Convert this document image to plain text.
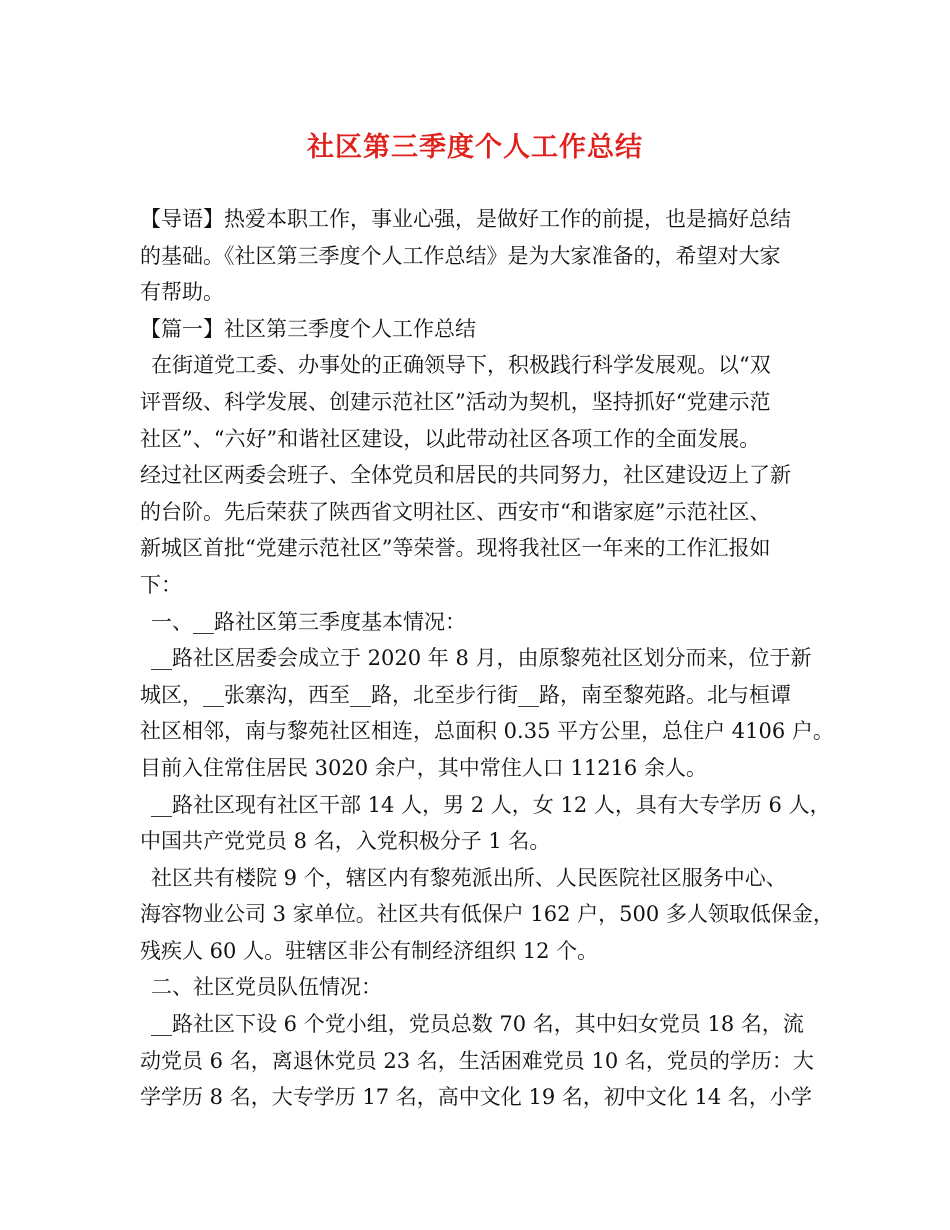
社区第三季度个人工作总结
【导语】热爱本职工作，事业心强，是做好工作的前提，也是搞好总结
的基础。《社区第三季度个人工作总结》是为大家准备的，希望对大家
有帮助。
【篇一】社区第三季度个人工作总结
在街道党工委、办事处的正确领导下，积极践行科学发展观。以“双
评晋级、科学发展、创建示范社区”活动为契机，坚持抓好“党建示范
社区”、“六好”和谐社区建设，以此带动社区各项工作的全面发展。
经过社区两委会班子、全体党员和居民的共同努力，社区建设迈上了新
的台阶。先后荣获了陕西省文明社区、西安市“和谐家庭”示范社区、
新城区首批“党建示范社区”等荣誉。现将我社区一年来的工作汇报如
下：
一、__路社区第三季度基本情况：
__路社区居委会成立于 2020 年 8 月，由原黎苑社区划分而来，位于新
城区，__张寨沟，西至__路，北至步行街__路，南至黎苑路。北与桓谭
社区相邻，南与黎苑社区相连，总面积 0.35 平方公里，总住户 4106 户。
目前入住常住居民 3020 余户，其中常住人口 11216 余人。
__路社区现有社区干部 14 人，男 2 人，女 12 人，具有大专学历 6 人，
中国共产党党员 8 名，入党积极分子 1 名。
社区共有楼院 9 个，辖区内有黎苑派出所、人民医院社区服务中心、
海容物业公司 3 家单位。社区共有低保户 162 户，500 多人领取低保金，
残疾人 60 人。驻辖区非公有制经济组织 12 个。
二、社区党员队伍情况：
__路社区下设 6 个党小组，党员总数 70 名，其中妇女党员 18 名，流
动党员 6 名，离退休党员 23 名，生活困难党员 10 名，党员的学历：大
学学历 8 名，大专学历 17 名，高中文化 19 名，初中文化 14 名，小学
